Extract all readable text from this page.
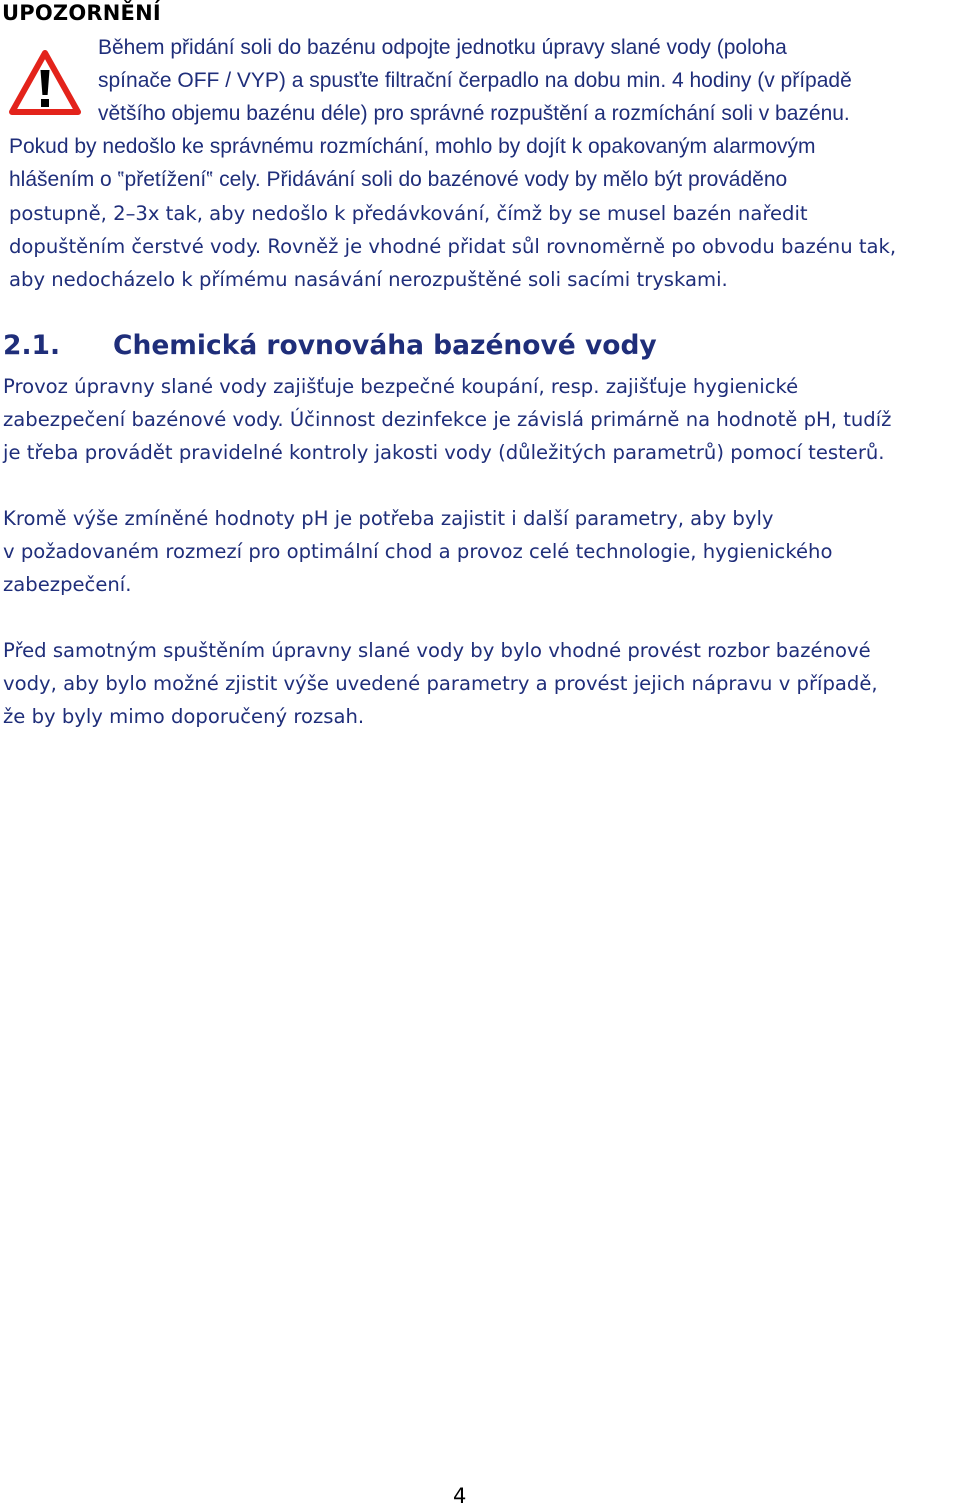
UPOZORNĚNÍ
Během přidání soli do bazénu odpojte jednotku úpravy slané vody (poloha
spínače OFF / VYP) a spusťte filtrační čerpadlo na dobu min. 4 hodiny (v případě
většího objemu bazénu déle) pro správné rozpuštění a rozmíchání soli v bazénu.
Pokud by nedošlo ke správnému rozmíchání, mohlo by dojít k opakovaným alarmovým
hlášením o ‟přetížení‟ cely. Přidávání soli do bazénové vody by mělo být prováděno
postupně, 2–3x tak, aby nedošlo k předávkování, čímž by se musel bazén naředit
dopuštěním čerstvé vody. Rovněž je vhodné přidat sůl rovnoměrně po obvodu bazénu tak,
aby nedocházelo k přímému nasávání nerozpuštěné soli sacími tryskami.
2.1. Chemická rovnováha bazénové vody
Provoz úpravny slané vody zajišťuje bezpečné koupání, resp. zajišťuje hygienické
zabezpečení bazénové vody. Účinnost dezinfekce je závislá primárně na hodnotě pH, tudíž
je třeba provádět pravidelné kontroly jakosti vody (důležitých parametrů) pomocí testerů.
Kromě výše zmíněné hodnoty pH je potřeba zajistit i další parametry, aby byly
v požadovaném rozmezí pro optimální chod a provoz celé technologie, hygienického
zabezpečení.
Před samotným spuštěním úpravny slané vody by bylo vhodné provést rozbor bazénové
vody, aby bylo možné zjistit výše uvedené parametry a provést jejich nápravu v případě,
že by byly mimo doporučený rozsah.
4
